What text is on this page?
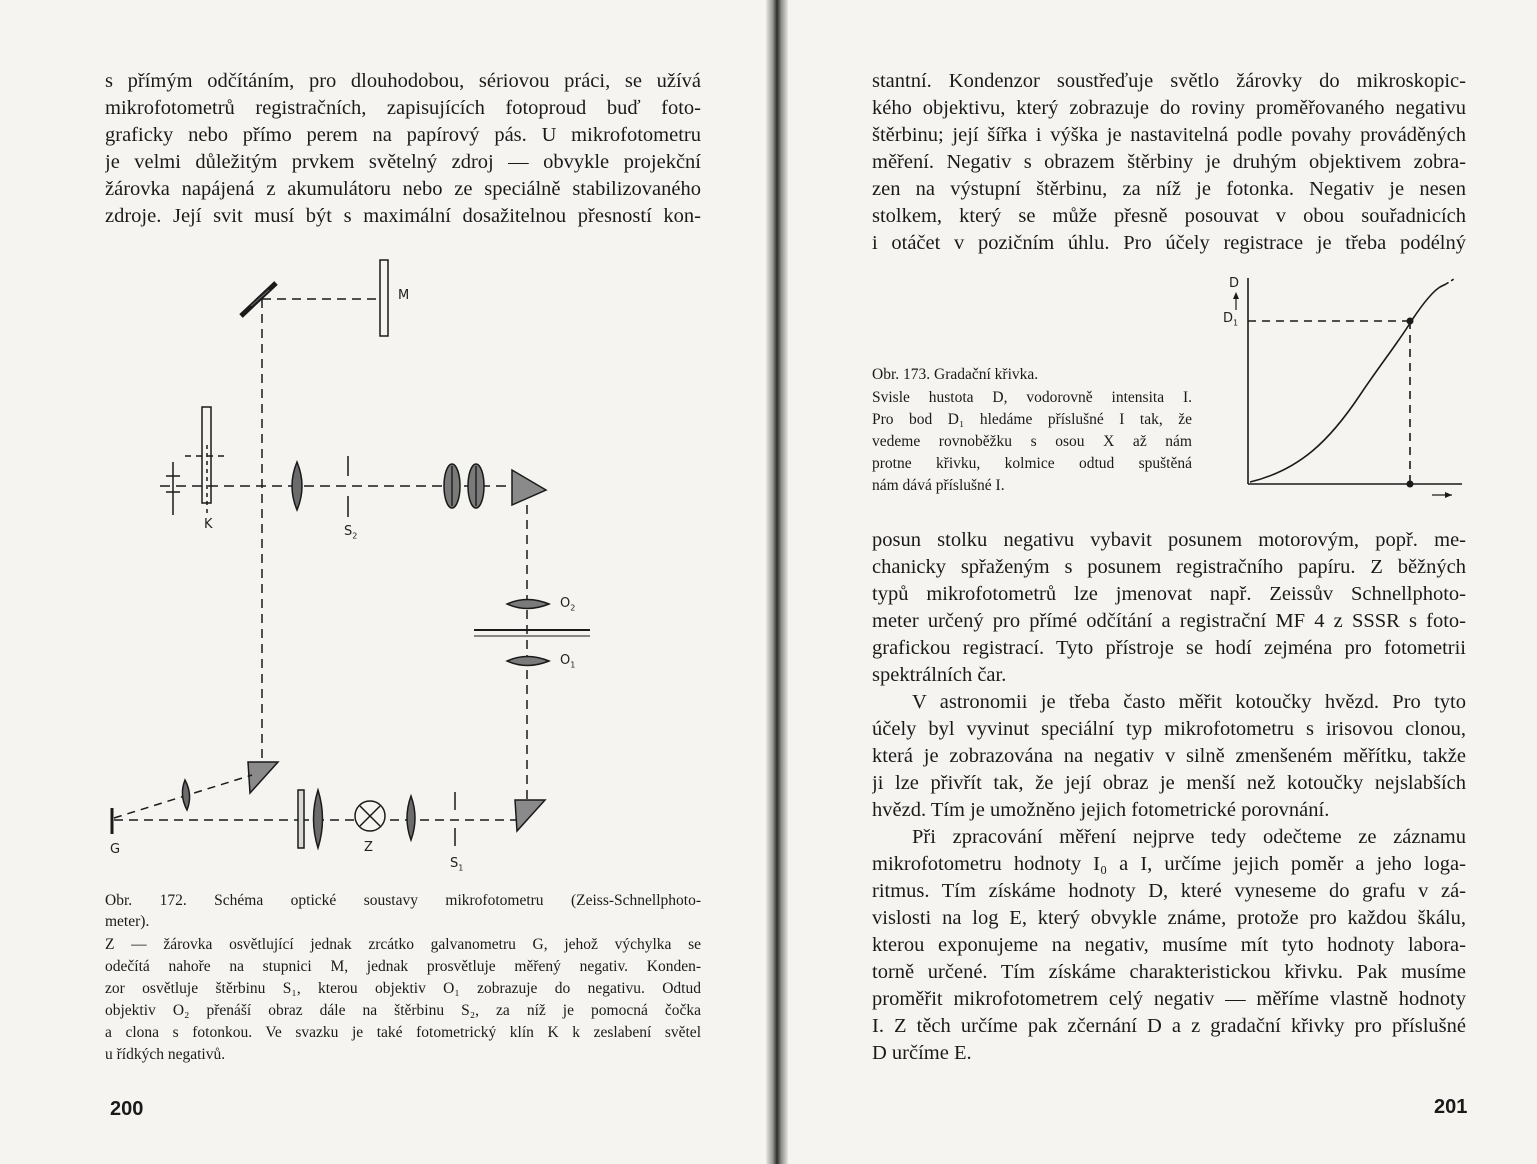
s přímým odčítáním, pro dlouhodobou, sériovou práci, se užívá
mikrofotometrů registračních, zapisujících fotoproud buď foto-
graficky nebo přímo perem na papírový pás. U mikrofotometru
je velmi důležitým prvkem světelný zdroj — obvykle projekční
žárovka napájená z akumulátoru nebo ze speciálně stabilizovaného
zdroje. Její svit musí být s maximální dosažitelnou přesností kon-
M
K	$S_2$
$O_2$
$O_1$
G	Z
$S_1$
Obr. 172. Schéma optické soustavy mikrofotometru (Zeiss-Schnellphoto-
meter).
Z — žárovka osvětlující jednak zrcátko galvanometru G, jehož výchylka se
odečítá nahoře na stupnici M, jednak prosvětluje měřený negativ. Konden-
zor osvětluje štěrbinu S₁, kterou objektiv O₁ zobrazuje do negativu. Odtud
objektiv O₂ přenáší obraz dále na štěrbinu S₂, za níž je pomocná čočka
a clona s fotonkou. Ve svazku je také fotometrický klín K k zeslabení světel
u řídkých negativů.
200
stantní. Kondenzor soustřeďuje světlo žárovky do mikroskopic-
kého objektivu, který zobrazuje do roviny proměřovaného negativu
štěrbinu; její šířka i výška je nastavitelná podle povahy prováděných
měření. Negativ s obrazem štěrbiny je druhým objektivem zobra-
zen na výstupní štěrbinu, za níž je fotonka. Negativ je nesen
stolkem, který se může přesně posouvat v obou souřadnicích
i otáčet v pozičním úhlu. Pro účely registrace je třeba podélný
Obr. 173. Gradační křivka.
Svisle hustota D, vodorovně intensita I.
Pro bod D₁ hledáme příslušné I tak, že
vedeme rovnoběžku s osou X až nám
protne křivku, kolmice odtud spuštěná
nám dává příslušné I.
D
$D_1$
posun stolku negativu vybavit posunem motorovým, popř. me-
chanicky spřaženým s posunem registračního papíru. Z běžných
typů mikrofotometrů lze jmenovat např. Zeissův Schnellphoto-
meter určený pro přímé odčítání a registrační MF 4 z SSSR s foto-
grafickou registrací. Tyto přístroje se hodí zejména pro fotometrii
spektrálních čar.
V astronomii je třeba často měřit kotoučky hvězd. Pro tyto
účely byl vyvinut speciální typ mikrofotometru s irisovou clonou,
která je zobrazována na negativ v silně zmenšeném měřítku, takže
ji lze přivřít tak, že její obraz je menší než kotoučky nejslabších
hvězd. Tím je umožněno jejich fotometrické porovnání.
Při zpracování měření nejprve tedy odečteme ze záznamu
mikrofotometru hodnoty I₀ a I, určíme jejich poměr a jeho loga-
ritmus. Tím získáme hodnoty D, které vyneseme do grafu v zá-
vislosti na log E, který obvykle známe, protože pro každou škálu,
kterou exponujeme na negativ, musíme mít tyto hodnoty labora-
torně určené. Tím získáme charakteristickou křivku. Pak musíme
proměřit mikrofotometrem celý negativ — měříme vlastně hodnoty
I. Z těch určíme pak zčernání D a z gradační křivky pro příslušné
D určíme E.
201
